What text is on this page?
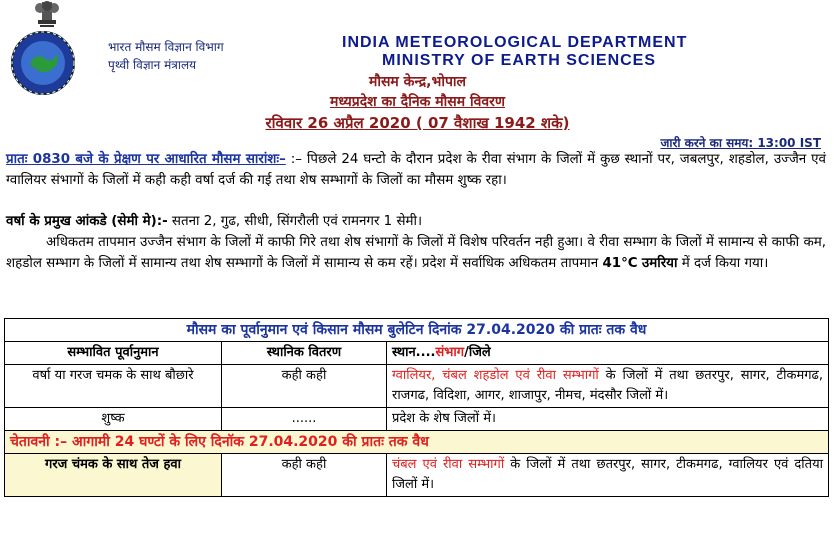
भारत मौसम विज्ञान विभाग
पृथ्वी विज्ञान मंत्रालय
INDIA METEOROLOGICAL DEPARTMENT
MINISTRY OF EARTH SCIENCES
मौसम केन्द्र,भोपाल
मध्यप्रदेश का दैनिक मौसम विवरण
रविवार 26 अप्रैल 2020 ( 07 वैशाख 1942 शके)
जारी करने का समय: 13:00 IST
प्रातः 0830 बजे के प्रेक्षण पर आधारित मौसम सारांशः– :– पिछले 24 घन्टो के दौरान प्रदेश के रीवा संभाग के जिलों में कुछ स्थानों पर, जबलपुर, शहडोल, उज्जैन एवं ग्वालियर संभागों के जिलों में कही कही वर्षा दर्ज की गई तथा शेष सम्भागों के जिलों का मौसम शुष्क रहा।
वर्षा के प्रमुख आंकडे (सेमी मे):- सतना 2, गुढ, सीधी, सिंगरौली एवं रामनगर 1 सेमी।
अधिकतम तापमान उज्जैन संभाग के जिलों में काफी गिरे तथा शेष संभागों के जिलों में विशेष परिवर्तन नही हुआ। वे रीवा सम्भाग के जिलों में सामान्य से काफी कम, शहडोल सम्भाग के जिलों में सामान्य तथा शेष सम्भागों के जिलों में सामान्य से कम रहें। प्रदेश में सर्वाधिक अधिकतम तापमान 41°C उमरिया में दर्ज किया गया।
मौसम का पूर्वानुमान एवं किसान मौसम बुलेटिन दिनांक 27.04.2020 की प्रातः तक वैध		
सम्भावित पूर्वानुमान	स्थानिक वितरण	स्थान....संभाग/जिले
वर्षा या गरज चमक के साथ बौछारे	कही कही	ग्वालियर, चंबल शहडोल एवं रीवा सम्भागों के जिलों में तथा छतरपुर, सागर, टीकमगढ, राजगढ, विदिशा, आगर, शाजापुर, नीमच, मंदसौर जिलों में।
शुष्क	......	प्रदेश के शेष जिलों में।
चेतावनी :– आगामी 24 घण्टों के लिए दिनॉक 27.04.2020 की प्रातः तक वैध		
गरज चंमक के साथ तेज हवा	कही कही	चंबल एवं रीवा सम्भागों के जिलों में तथा छतरपुर, सागर, टीकमगढ, ग्वालियर एवं दतिया जिलों में।
